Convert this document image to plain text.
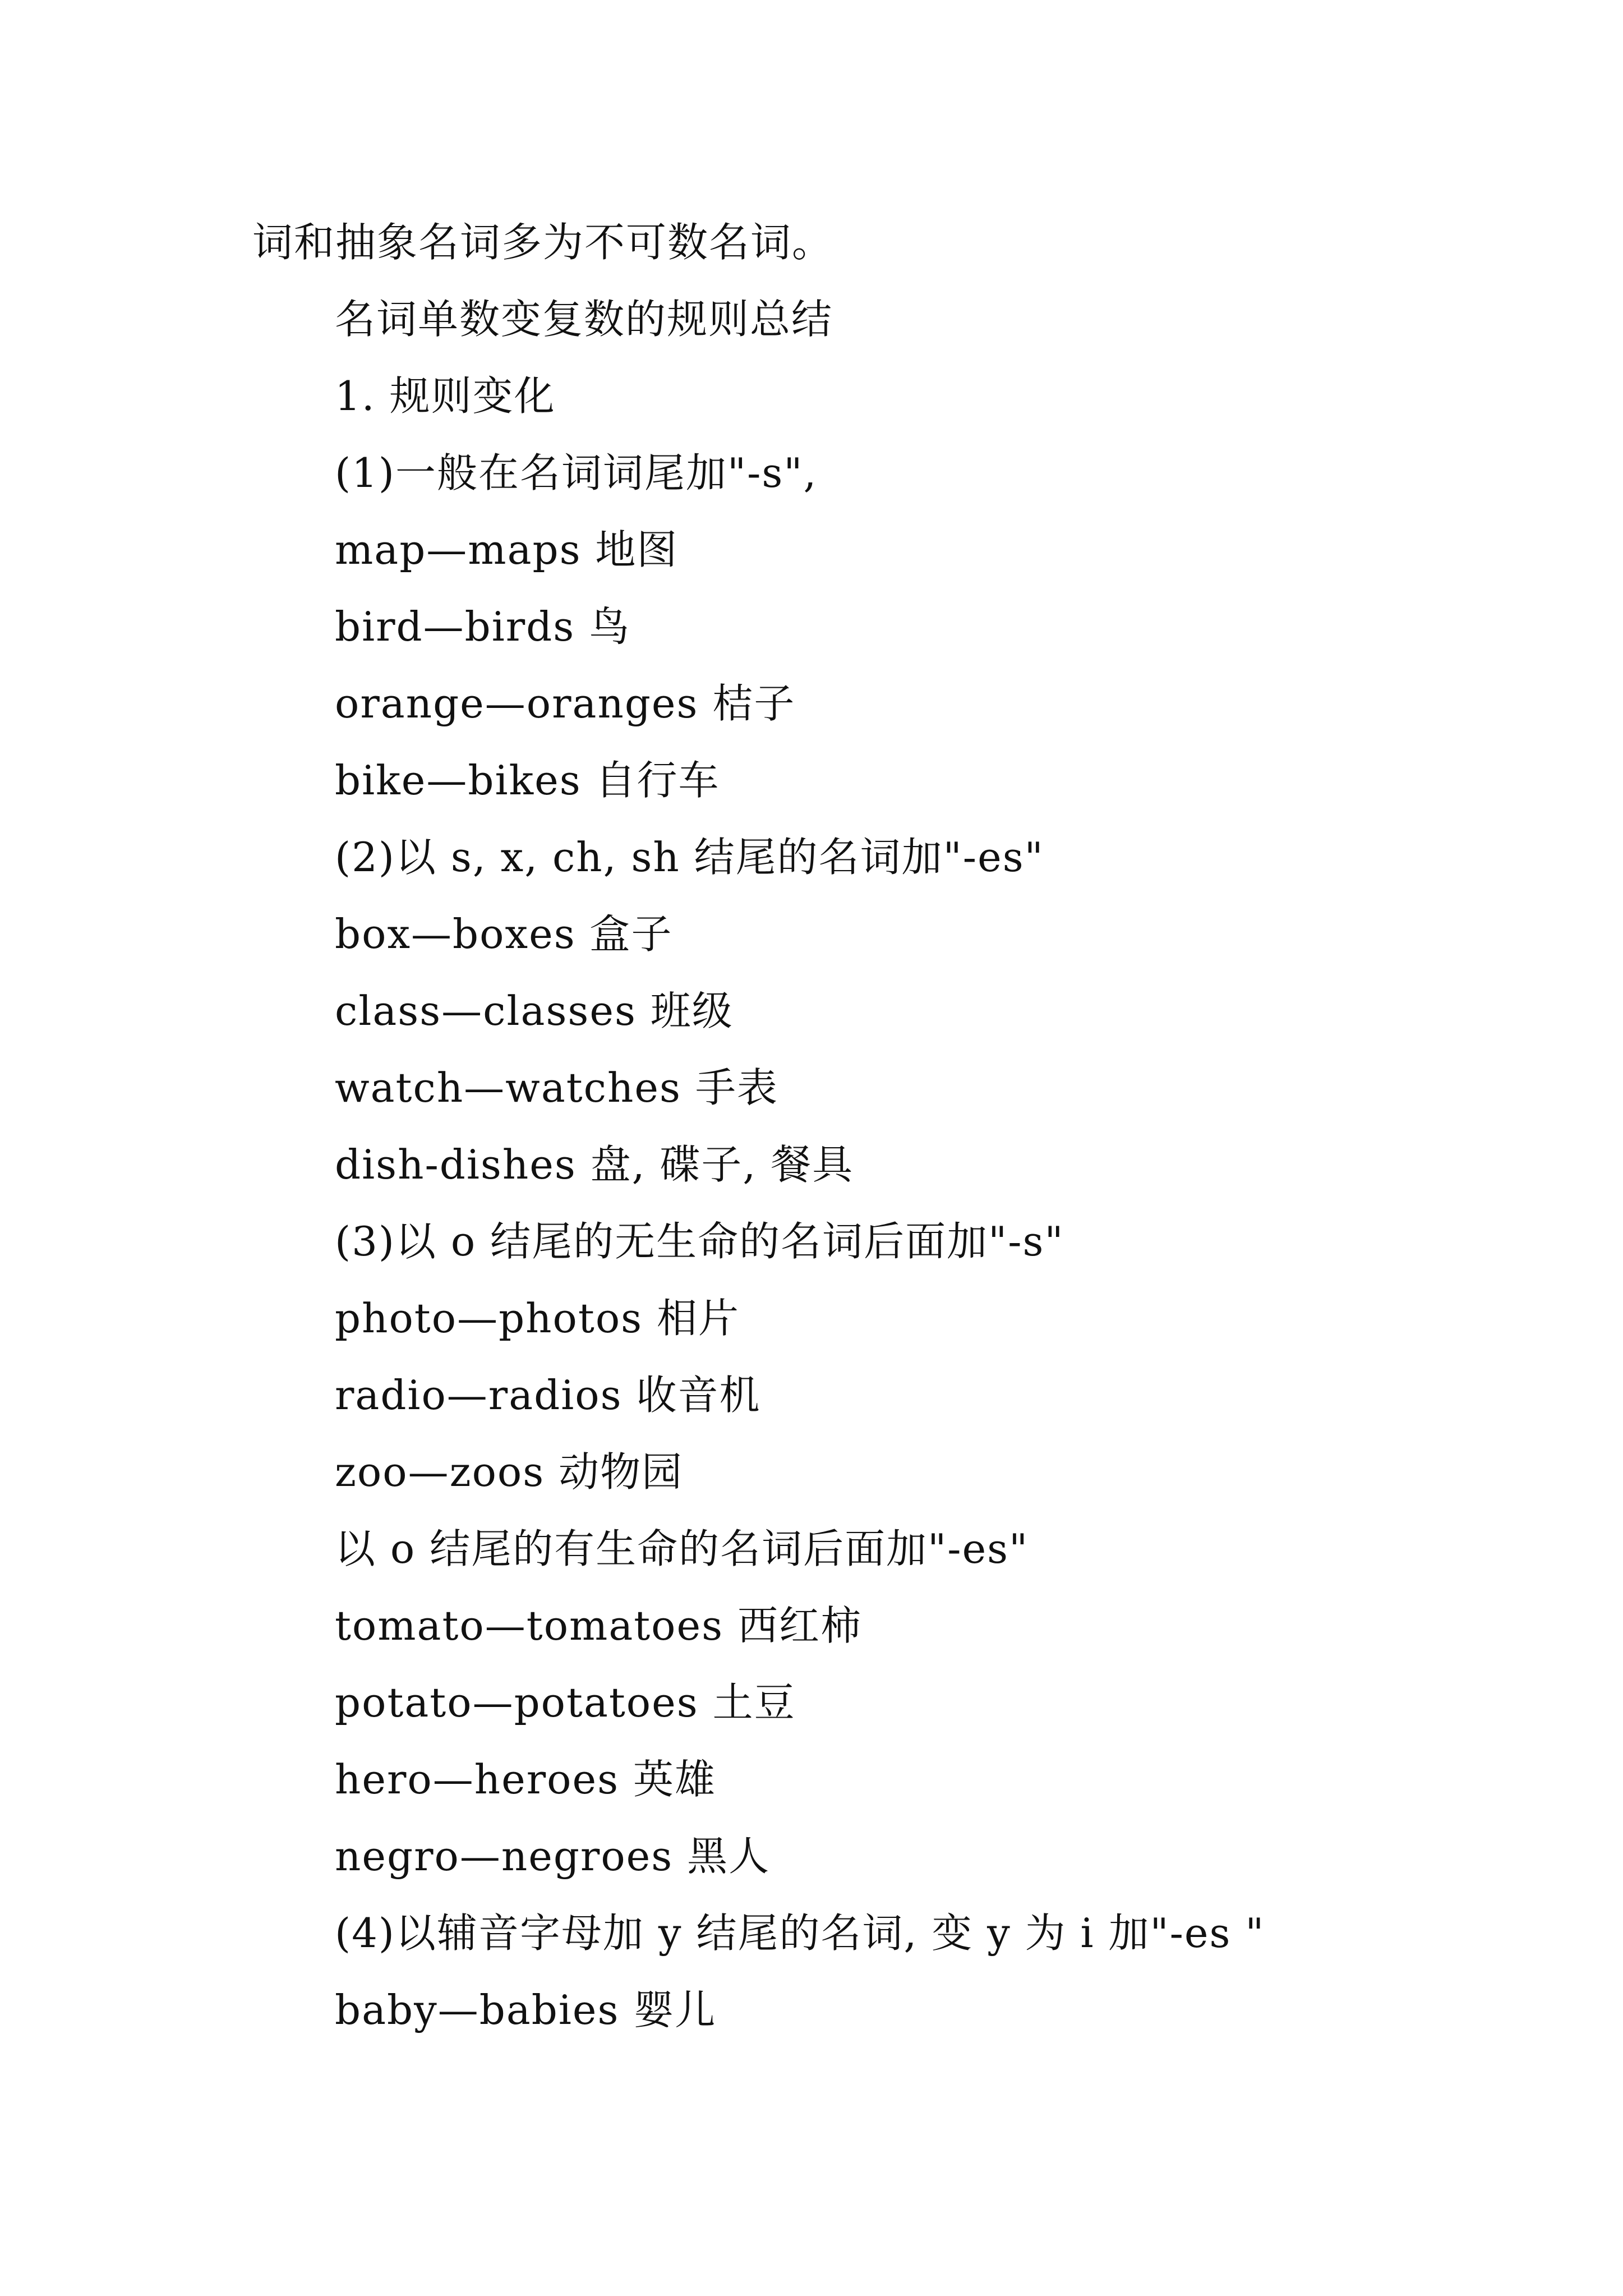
词和抽象名词多为不可数名词。
名词单数变复数的规则总结
1. 规则变化
(1)一般在名词词尾加"-s",
map—maps 地图
bird—birds 鸟
orange—oranges 桔子
bike—bikes 自行车
(2)以 s, x, ch, sh 结尾的名词加"-es"
box—boxes 盒子
class—classes 班级
watch—watches 手表
dish-dishes 盘, 碟子, 餐具
(3)以 o 结尾的无生命的名词后面加"-s"
photo—photos 相片
radio—radios 收音机
zoo—zoos 动物园
以 o 结尾的有生命的名词后面加"-es"
tomato—tomatoes 西红柿
potato—potatoes 土豆
hero—heroes 英雄
negro—negroes 黑人
(4)以辅音字母加 y 结尾的名词, 变 y 为 i 加"-es "
baby—babies 婴儿
